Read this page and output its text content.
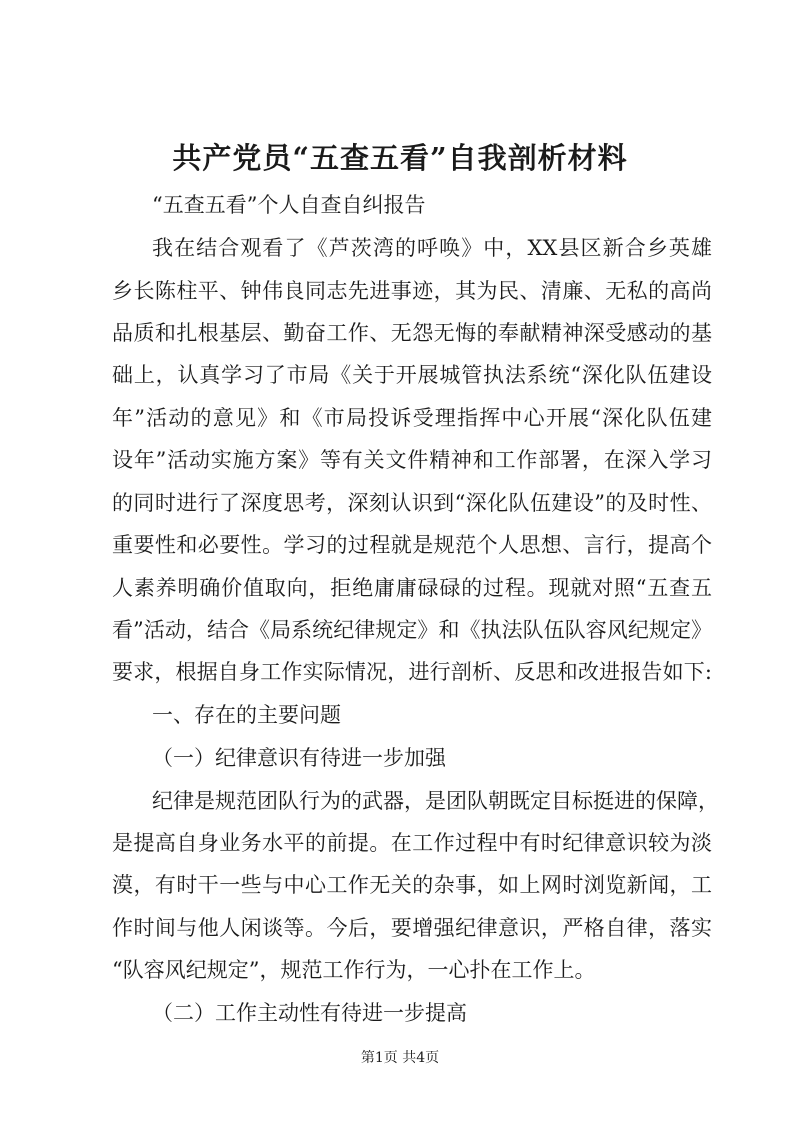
共产党员“五查五看”自我剖析材料
“五查五看”个人自查自纠报告
我在结合观看了《芦茨湾的呼唤》中，XX县区新合乡英雄
乡长陈柱平、钟伟良同志先进事迹，其为民、清廉、无私的高尚
品质和扎根基层、勤奋工作、无怨无悔的奉献精神深受感动的基
础上，认真学习了市局《关于开展城管执法系统“深化队伍建设
年”活动的意见》和《市局投诉受理指挥中心开展“深化队伍建
设年”活动实施方案》等有关文件精神和工作部署，在深入学习
的同时进行了深度思考，深刻认识到“深化队伍建设”的及时性、
重要性和必要性。学习的过程就是规范个人思想、言行，提高个
人素养明确价值取向，拒绝庸庸碌碌的过程。现就对照“五查五
看”活动，结合《局系统纪律规定》和《执法队伍队容风纪规定》
要求，根据自身工作实际情况，进行剖析、反思和改进报告如下:
一、存在的主要问题
（一）纪律意识有待进一步加强
纪律是规范团队行为的武器，是团队朝既定目标挺进的保障，
是提高自身业务水平的前提。在工作过程中有时纪律意识较为淡
漠，有时干一些与中心工作无关的杂事，如上网时浏览新闻，工
作时间与他人闲谈等。今后，要增强纪律意识，严格自律，落实
“队容风纪规定”，规范工作行为，一心扑在工作上。
（二）工作主动性有待进一步提高
第1页 共4页
